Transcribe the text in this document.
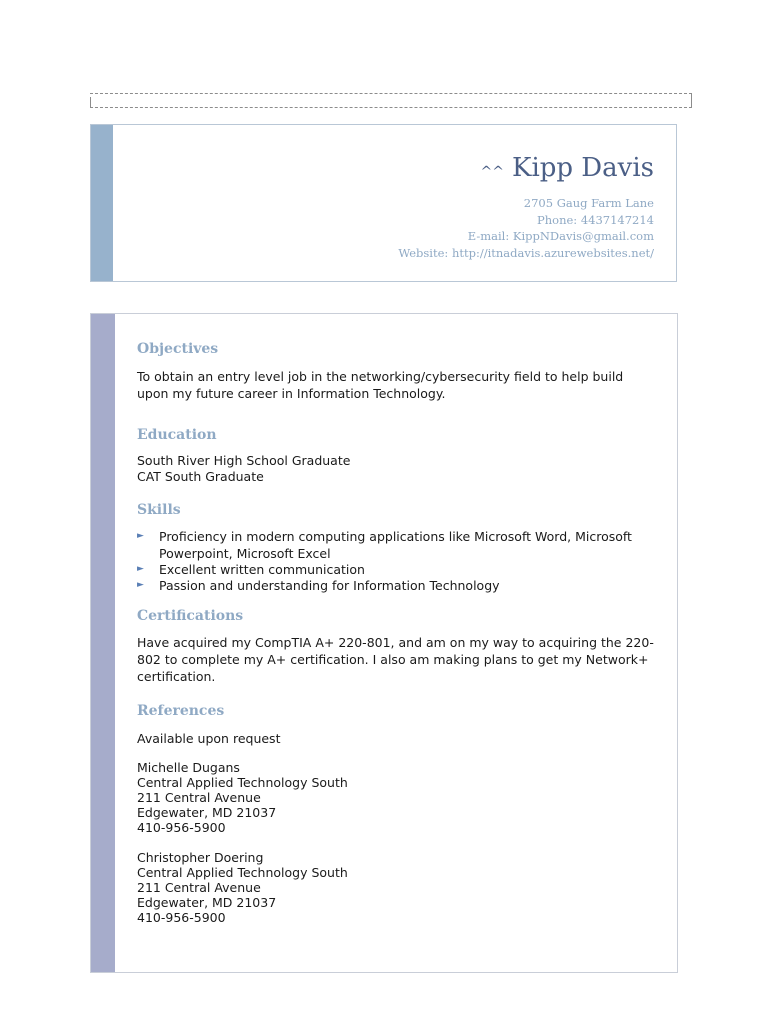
^^ Kipp Davis
2705 Gaug Farm Lane
Phone: 4437147214
E-mail: KippNDavis@gmail.com
Website: http://itnadavis.azurewebsites.net/
Objectives
To obtain an entry level job in the networking/cybersecurity field to help build
upon my future career in Information Technology.
Education
South River High School Graduate
CAT South Graduate
Skills
► Proficiency in modern computing applications like Microsoft Word, Microsoft Powerpoint, Microsoft Excel
► Excellent written communication
► Passion and understanding for Information Technology
Certifications
Have acquired my CompTIA A+ 220-801, and am on my way to acquiring the 220-
802 to complete my A+ certification. I also am making plans to get my Network+
certification.
References
Available upon request
Michelle Dugans
Central Applied Technology South
211 Central Avenue
Edgewater, MD 21037
410-956-5900
Christopher Doering
Central Applied Technology South
211 Central Avenue
Edgewater, MD 21037
410-956-5900
